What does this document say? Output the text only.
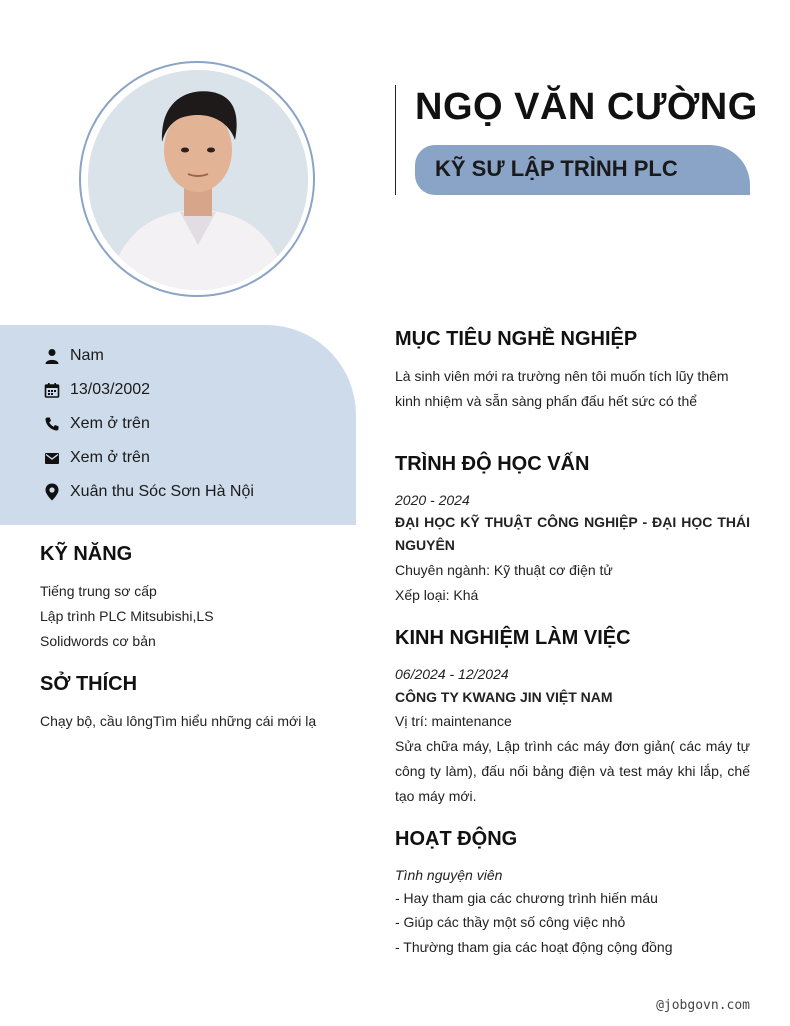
NGỌ VĂN CƯỜNG
KỸ SƯ LẬP TRÌNH PLC
Nam
13/03/2002
Xem ở trên
Xem ở trên
Xuân thu Sóc Sơn Hà Nội
KỸ NĂNG
Tiếng trung sơ cấp
Lập trình PLC Mitsubishi,LS
Solidwords cơ bản
SỞ THÍCH
Chạy bộ, cầu lôngTìm hiểu những cái mới lạ
MỤC TIÊU NGHỀ NGHIỆP
Là sinh viên mới ra trường nên tôi muốn tích lũy thêm
kinh nhiệm và sẵn sàng phấn đấu hết sức có thể
TRÌNH ĐỘ HỌC VẤN
2020 - 2024
ĐẠI HỌC KỸ THUẬT CÔNG NGHIỆP - ĐẠI HỌC THÁI NGUYÊN
Chuyên ngành: Kỹ thuật cơ điện tử
Xếp loại: Khá
KINH NGHIỆM LÀM VIỆC
06/2024 - 12/2024
CÔNG TY KWANG JIN VIỆT NAM
Vị trí: maintenance
Sửa chữa máy, Lập trình các máy đơn giản( các máy tự công ty làm), đấu nối bảng điện và test máy khi lắp, chế tạo máy mới.
HOẠT ĐỘNG
Tình nguyện viên
- Hay tham gia các chương trình hiến máu
- Giúp các thầy một số công việc nhỏ
- Thường tham gia các hoạt động cộng đồng
@jobgovn.com
